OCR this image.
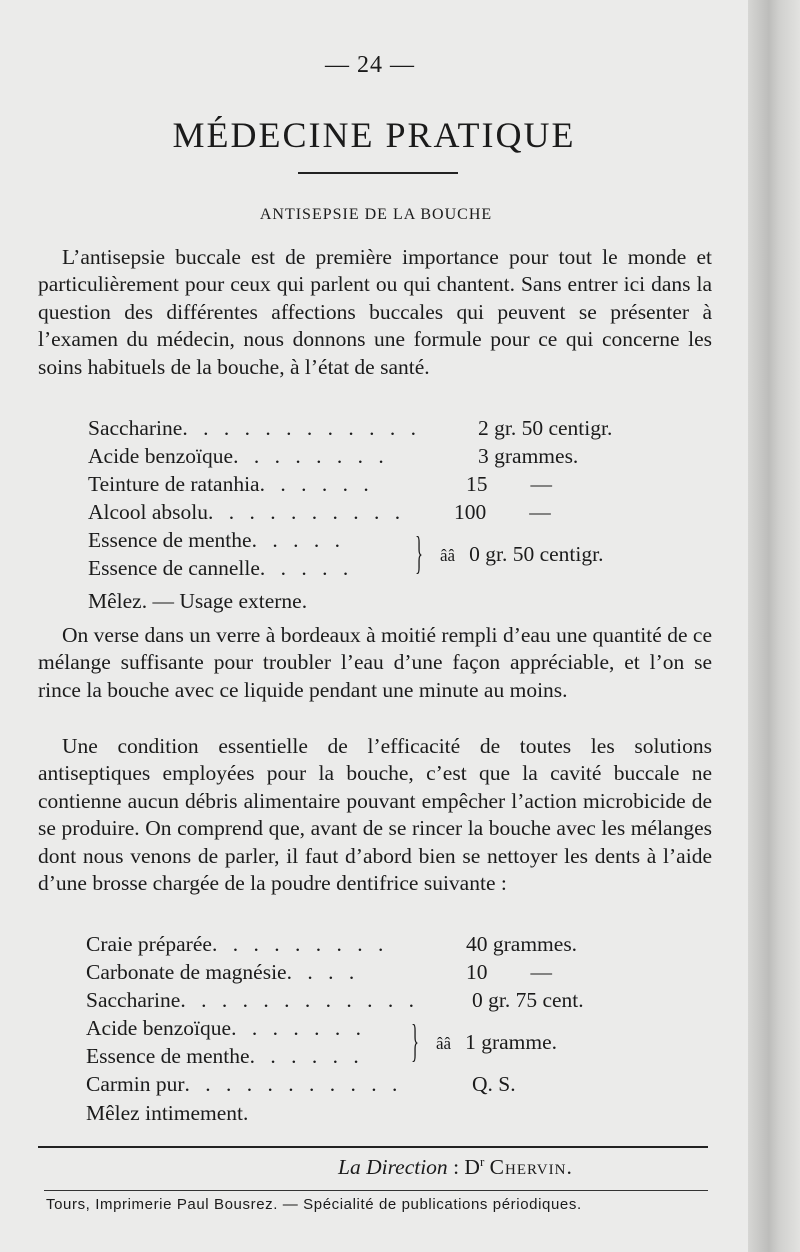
— 24 —
MÉDECINE PRATIQUE
ANTISEPSIE DE LA BOUCHE

L’antisepsie buccale est de première importance pour tout le monde et particulièrement pour ceux qui parlent ou qui chantent. Sans entrer ici dans la question des différentes affections buccales qui peuvent se présenter à l’examen du médecin, nous donnons une formule pour ce qui concerne les soins habituels de la bouche, à l’état de santé.

Saccharine. . . . . . . . . . . .	2 gr. 50 centigr.
Acide benzoïque. . . . . . . .	3 grammes.
Teinture de ratanhia. . . . . .	15        —
Alcool absolu. . . . . . . . . . 100        —
Essence de menthe. . . . .
Essence de cannelle. . . . . } ââ 0 gr. 50 centigr.
Mêlez. — Usage externe.

On verse dans un verre à bordeaux à moitié rempli d’eau une quantité de ce mélange suffisante pour troubler l’eau d’une façon appréciable, et l’on se rince la bouche avec ce liquide pendant une minute au moins.

Une condition essentielle de l’efficacité de toutes les solutions antiseptiques employées pour la bouche, c’est que la cavité buccale ne contienne aucun débris alimentaire pouvant empêcher l’action microbicide de se produire. On comprend que, avant de se rincer la bouche avec les mélanges dont nous venons de parler, il faut d’abord bien se nettoyer les dents à l’aide d’une brosse chargée de la poudre dentifrice suivante :

Craie préparée. . . . . . . . .	40 grammes.
Carbonate de magnésie. . . .	10        —
Saccharine. . . . . . . . . . . . 0 gr. 75 cent.
Acide benzoïque. . . . . . .
Essence de menthe. . . . . . } ââ 1 gramme.
Carmin pur. . . . . . . . . . .	Q. S.
Mêlez intimement.
La Direction : $D^r$ Chervin.
Tours, Imprimerie Paul Bousrez. — Spécialité de publications périodiques.
